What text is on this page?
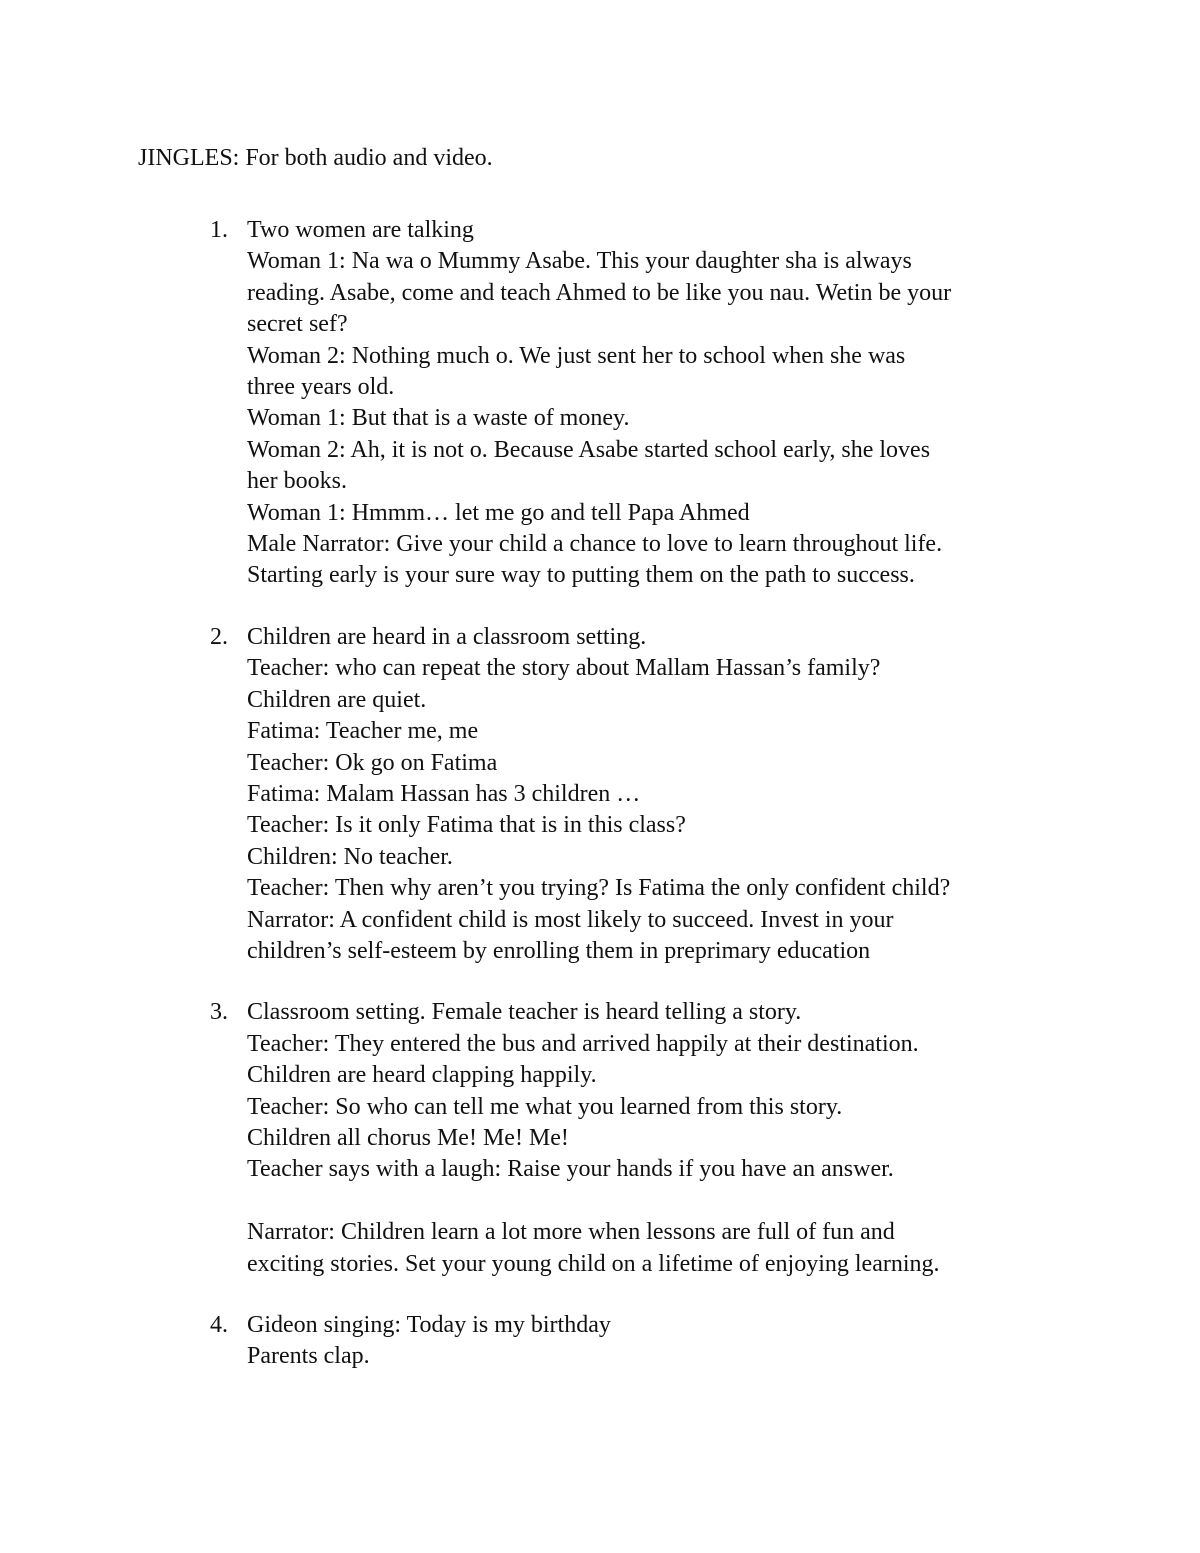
JINGLES: For both audio and video.
1. Two women are talking
Woman 1: Na wa o Mummy Asabe. This your daughter sha is always
reading. Asabe, come and teach Ahmed to be like you nau. Wetin be your
secret sef?
Woman 2: Nothing much o. We just sent her to school when she was
three years old.
Woman 1: But that is a waste of money.
Woman 2: Ah, it is not o. Because Asabe started school early, she loves
her books.
Woman 1: Hmmm… let me go and tell Papa Ahmed
Male Narrator: Give your child a chance to love to learn throughout life.
Starting early is your sure way to putting them on the path to success.
2. Children are heard in a classroom setting.
Teacher: who can repeat the story about Mallam Hassan’s family?
Children are quiet.
Fatima: Teacher me, me
Teacher: Ok go on Fatima
Fatima: Malam Hassan has 3 children …
Teacher: Is it only Fatima that is in this class?
Children: No teacher.
Teacher: Then why aren’t you trying? Is Fatima the only confident child?
Narrator: A confident child is most likely to succeed. Invest in your
children’s self-esteem by enrolling them in preprimary education
3. Classroom setting. Female teacher is heard telling a story.
Teacher: They entered the bus and arrived happily at their destination.
Children are heard clapping happily.
Teacher: So who can tell me what you learned from this story.
Children all chorus Me! Me! Me!
Teacher says with a laugh: Raise your hands if you have an answer.
Narrator: Children learn a lot more when lessons are full of fun and
exciting stories. Set your young child on a lifetime of enjoying learning.
4. Gideon singing: Today is my birthday
Parents clap.
